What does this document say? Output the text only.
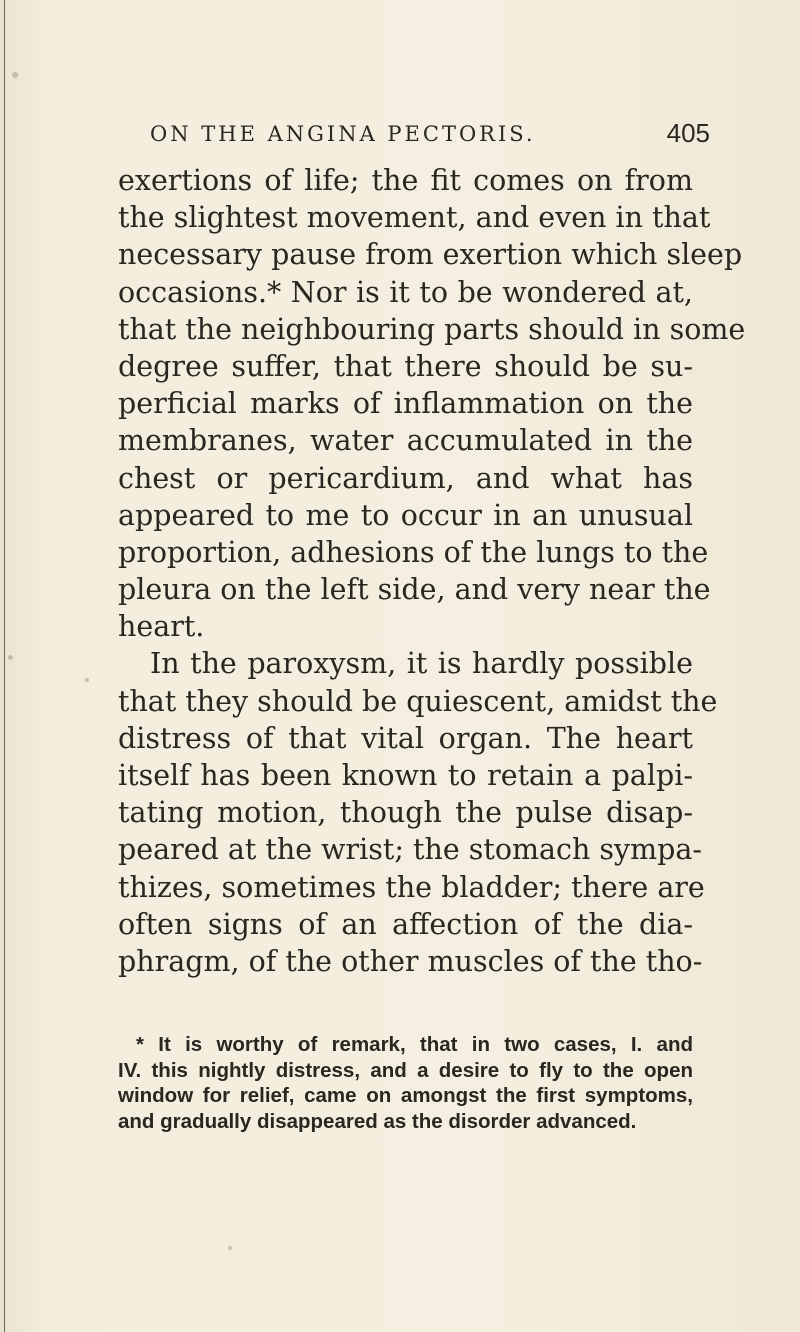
ON THE ANGINA PECTORIS.	405
exertions of life; the fit comes on from
the slightest movement, and even in that
necessary pause from exertion which sleep
occasions.* Nor is it to be wondered at,
that the neighbouring parts should in some
degree suffer, that there should be su-
perficial marks of inflammation on the
membranes, water accumulated in the
chest or pericardium, and what has
appeared to me to occur in an unusual
proportion, adhesions of the lungs to the
pleura on the left side, and very near the
heart.
In the paroxysm, it is hardly possible
that they should be quiescent, amidst the
distress of that vital organ. The heart
itself has been known to retain a palpi-
tating motion, though the pulse disap-
peared at the wrist; the stomach sympa-
thizes, sometimes the bladder; there are
often signs of an affection of the dia-
phragm, of the other muscles of the tho-
* It is worthy of remark, that in two cases, I. and
IV. this nightly distress, and a desire to fly to the open
window for relief, came on amongst the first symptoms,
and gradually disappeared as the disorder advanced.
